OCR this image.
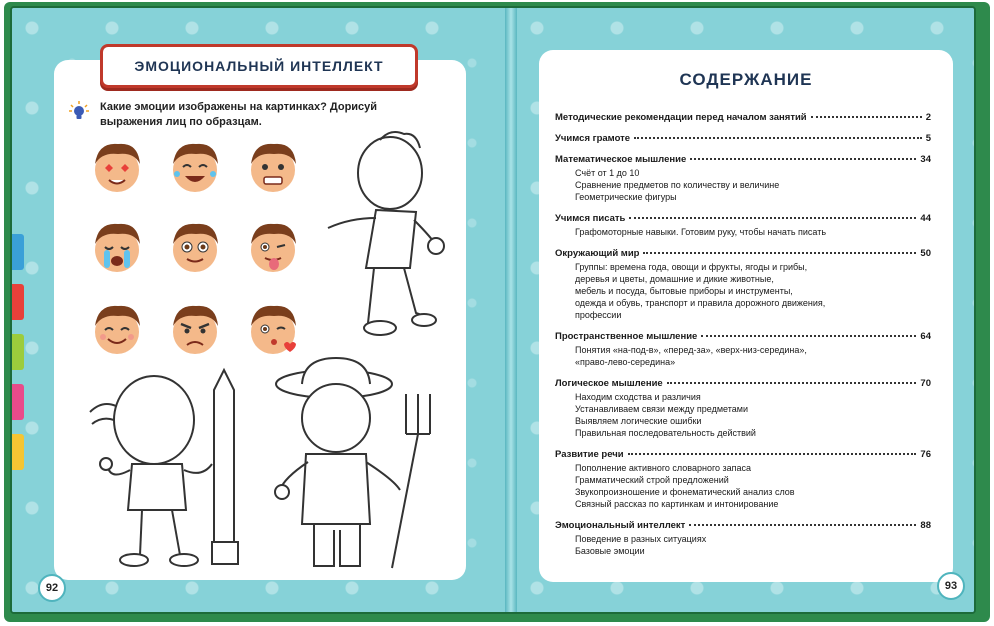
ЭМОЦИОНАЛЬНЫЙ ИНТЕЛЛЕКТ
Какие эмоции изображены на картинках? Дорисуй выражения лиц по образцам.
92
СОДЕРЖАНИЕ
Методические рекомендации перед началом занятий	2
Учимся грамоте	5
Математическое мышление	34
Счёт от 1 до 10
Сравнение предметов по количеству и величине
Геометрические фигуры
Учимся писать	44
Графомоторные навыки. Готовим руку, чтобы начать писать
Окружающий мир	50
Группы: времена года, овощи и фрукты, ягоды и грибы,
деревья и цветы, домашние и дикие животные,
мебель и посуда, бытовые приборы и инструменты,
одежда и обувь, транспорт и правила дорожного движения,
профессии
Пространственное мышление	64
Понятия «на-под-в», «перед-за», «верх-низ-середина»,
«право-лево-середина»
Логическое мышление	70
Находим сходства и различия
Устанавливаем связи между предметами
Выявляем логические ошибки
Правильная последовательность действий
Развитие речи	76
Пополнение активного словарного запаса
Грамматический строй предложений
Звукопроизношение и фонематический анализ слов
Связный рассказ по картинкам и интонирование
Эмоциональный интеллект	88
Поведение в разных ситуациях
Базовые эмоции
93
